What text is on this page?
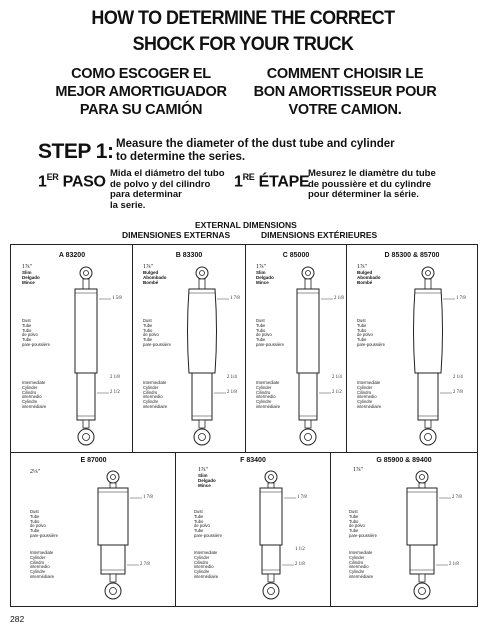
HOW TO DETERMINE THE CORRECT
SHOCK FOR YOUR TRUCK
COMO ESCOGER EL
MEJOR AMORTIGUADOR
PARA SU CAMIÓN
COMMENT CHOISIR LE
BON AMORTISSEUR POUR
VOTRE CAMION.
STEP 1: Measure the diameter of the dust tube and cylinder
to determine the series.
1ER PASO Mida el diámetro del tubo
de polvo y del cilindro
para determinar
la serie.
1RE ÉTAPE
Mesurez le diamètre du tube
de poussière et du cylindre
pour déterminer la série.
EXTERNAL DIMENSIONS
DIMENSIONES EXTERNAS	DIMENSIONS EXTÉRIEURES
A 83200
1⅞"
Slim
Delgado
Mince
1 5/8
2 1/2
2 1/8
Dust
Tube
Tubo
de polvo
Tube
pare-poussière
Intermediate
Cylinder
Cilindro
intermedio
Cylindre
intermédiaire
B 83300
1⅞"
Bulged
Abombado
Bombé
1 7/8
2 1/8
2 1/4
Dust
Tube
Tubo
de polvo
Tube
pare-poussière
Intermediate
Cylinder
Cilindro
intermedio
Cylindre
intermédiaire
C 85000
1⅞"
Slim
Delgado
Mince
2 1/8
2 1/2
2 1/4
Dust
Tube
Tubo
de polvo
Tube
pare-poussière
Intermediate
Cylinder
Cilindro
intermedio
Cylindre
intermédiaire
D 85300 & 85700
1⅞"
Bulged
Abombado
Bombé
1 7/8
2 7/8
2 1/4
Dust
Tube
Tubo
de polvo
Tube
pare-poussière
Intermediate
Cylinder
Cilindro
intermedio
Cylindre
intermédiaire
E 87000
2⅛"
1 7/8
2 7/8
Dust
Tube
Tubo
de polvo
Tube
pare-poussière
Intermediate
Cylinder
Cilindro
intermedio
Cylindre
intermédiaire
F 83400
1⅞"
Slim
Delgado
Mince
1 7/8
2 1/8
1 1/2
Dust
Tube
Tubo
de polvo
Tube
pare-poussière
Intermediate
Cylinder
Cilindro
intermedio
Cylindre
intermédiaire
G 85900 & 89400
1⅞"
2 7/8
2 1/8
Dust
Tube
Tubo
de polvo
Tube
pare-poussière
Intermediate
Cylinder
Cilindro
intermedio
Cylindre
intermédiaire
282
